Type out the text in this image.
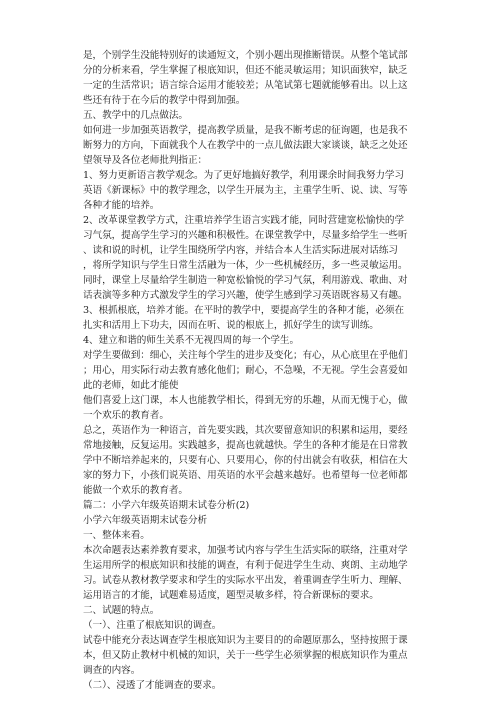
是，个别学生没能特别好的读通短文，个别小题出现推断错误。从整个笔试部
分的分析来看，学生掌握了根底知识，但还不能灵敏运用；知识面狭窄，缺乏
一定的生活常识；语言综合运用才能较差；从笔试第七题就能够看出。以上这
些还有待于在今后的教学中得到加强。
五、教学中的几点做法。
如何进一步加强英语教学，提高教学质量，是我不断考虑的征询题，也是我不
断努力的方向，下面就我个人在教学中的一点儿做法跟大家谈谈，缺乏之处还
望领导及各位老师批判指正：
1、努力更新语言教学观念。为了更好地搞好教学，利用课余时间我努力学习
英语《新课标》中的教学理念，以学生开展为主，主重学生听、说、读、写等
各种才能的培养。
2、改革课堂教学方式，注重培养学生语言实践才能，同时营建宽松愉快的学
习气氛，提高学生学习的兴趣和积极性。在课堂教学中，尽量多给学生一些听
、读和说的时机，让学生围绕所学内容，并结合本人生活实际进展对话练习
，将所学知识与学生日常生活融为一体，少一些机械经历，多一些灵敏运用。
同时，课堂上尽量给学生制造一种宽松愉悦的学习气氛，利用游戏、歌曲、对
话表演等多种方式激发学生的学习兴趣，使学生感到学习英语既容易又有趣。
3、根抓根底，培养才能。在平时的教学中，要提高学生的各种才能，必须在
扎实和活用上下功夫，因而在听、说的根底上，抓好学生的读写训练。
4、建立和谐的师生关系不无视四周的每一个学生。
对学生要做到：细心，关注每个学生的进步及变化；有心，从心底里在乎他们
；用心，用实际行动去教育感化他们；耐心，不急噪，不无视。学生会喜爱如
此的老师，如此才能使
他们喜爱上这门课，本人也能教学相长，得到无穷的乐趣，从而无愧于心，做
一个欢乐的教育者。
总之，英语作为一种语言，首先要实践，其次要留意知识的积累和运用，要经
常地接触，反复运用。实践越多，提高也就越快。学生的各种才能是在日常教
学中不断培养起来的，只要有心、只要用心，你的付出就会有收获，相信在大
家的努力下，小孩们说英语、用英语的水平会越来越好。也希望每一位老师都
能做一个欢乐的教育者。
篇二：小学六年级英语期末试卷分析(2)
小学六年级英语期末试卷分析
一、整体来看。
本次命题表达素养教育要求，加强考试内容与学生生活实际的联络，注重对学
生运用所学的根底知识和技能的调查，有利于促进学生生动、爽朗、主动地学
习。试卷从教材教学要求和学生的实际水平出发，着重调查学生听力、理解、
运用语言的才能，试题难易适度，题型灵敏多样，符合新课标的要求。
二、试题的特点。
（一）、注重了根底知识的调查。
试卷中能充分表达调查学生根底知识为主要目的的命题原那么，坚持按照于课
本，但又防止教材中机械的知识，关于一些学生必须掌握的根底知识作为重点
调查的内容。
（二）、浸透了才能调查的要求。
